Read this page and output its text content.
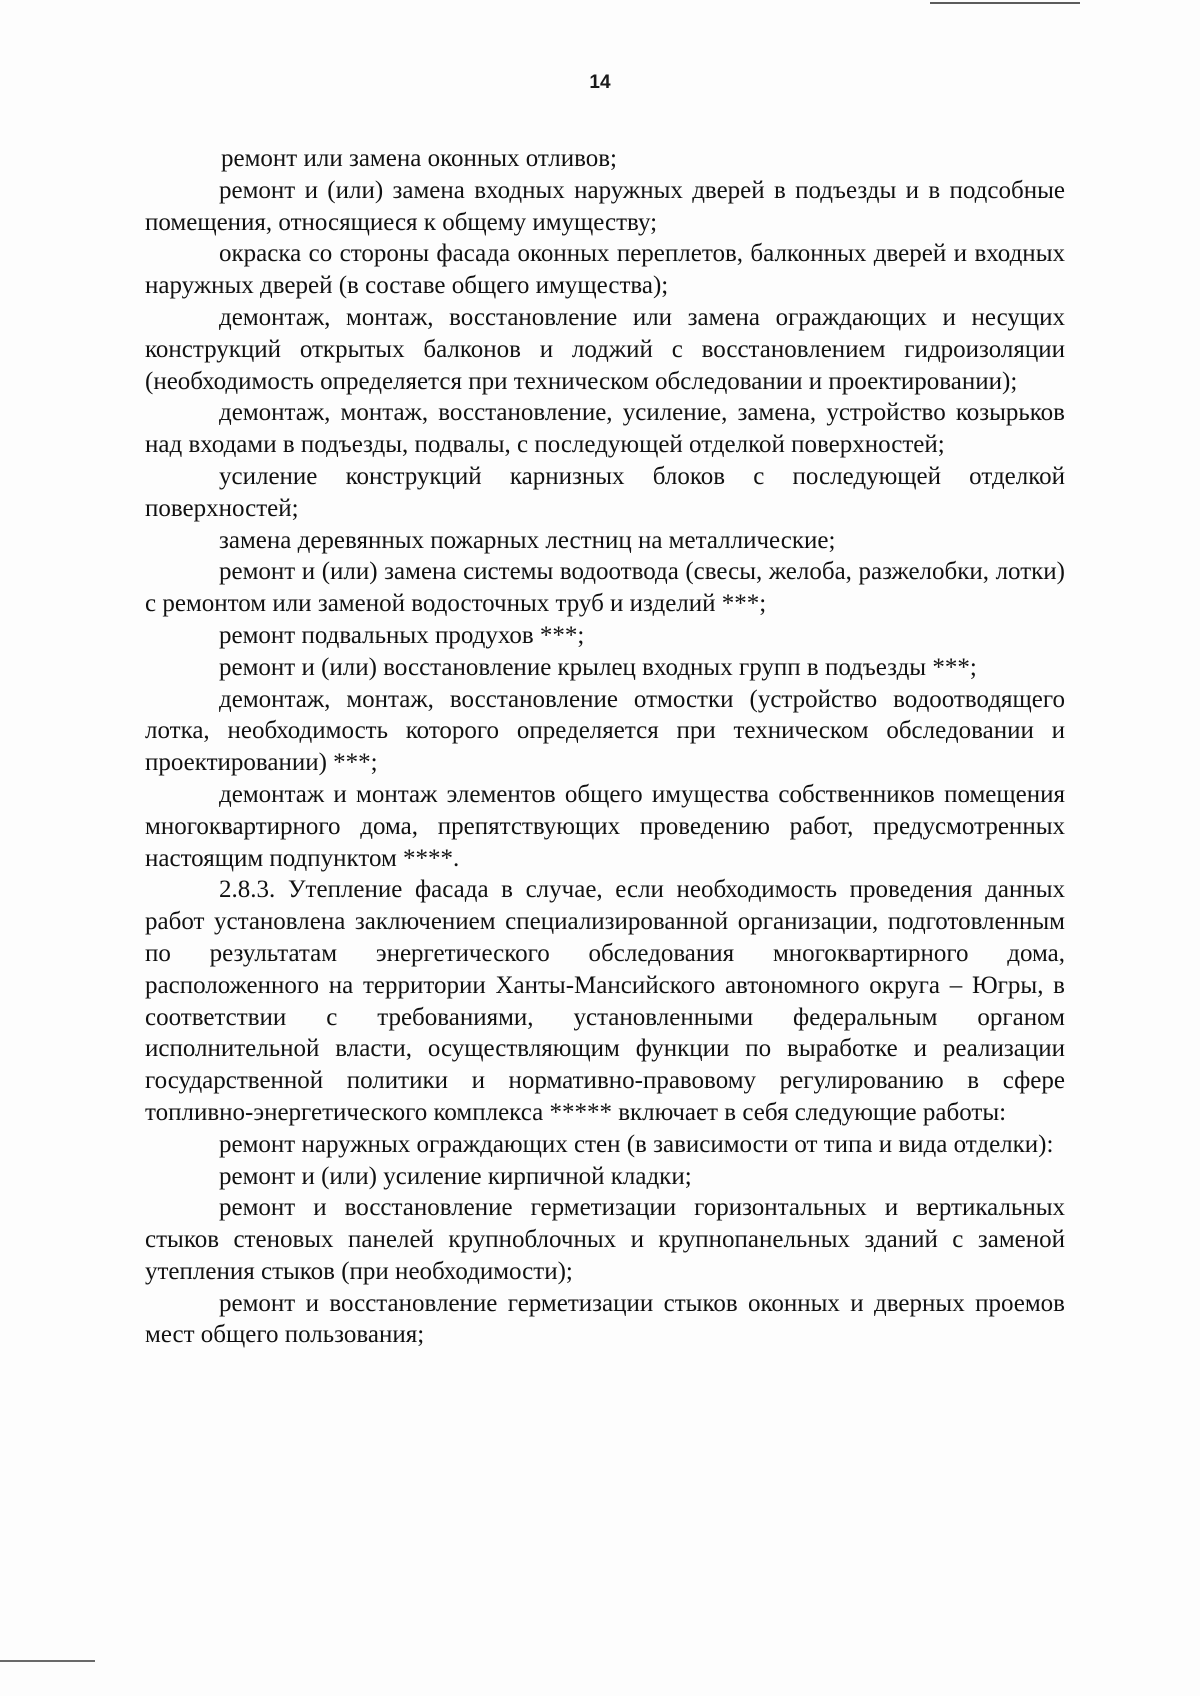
14

ремонт или замена оконных отливов;

ремонт и (или) замена входных наружных дверей в подъезды и в подсобные помещения, относящиеся к общему имуществу;

окраска со стороны фасада оконных переплетов, балконных дверей и входных наружных дверей (в составе общего имущества);

демонтаж, монтаж, восстановление или замена ограждающих и несущих конструкций открытых балконов и лоджий с восстановлением гидроизоляции (необходимость определяется при техническом обследовании и проектировании);

демонтаж, монтаж, восстановление, усиление, замена, устройство козырьков над входами в подъезды, подвалы, с последующей отделкой поверхностей;

усиление конструкций карнизных блоков с последующей отделкой поверхностей;

замена деревянных пожарных лестниц на металлические;

ремонт и (или) замена системы водоотвода (свесы, желоба, разжелобки, лотки) с ремонтом или заменой водосточных труб и изделий ***;

ремонт подвальных продухов ***;

ремонт и (или) восстановление крылец входных групп в подъезды ***;

демонтаж, монтаж, восстановление отмостки (устройство водоотводящего лотка, необходимость которого определяется при техническом обследовании и проектировании) ***;

демонтаж и монтаж элементов общего имущества собственников помещения многоквартирного дома, препятствующих проведению работ, предусмотренных настоящим подпунктом ****.

2.8.3. Утепление фасада в случае, если необходимость проведения данных работ установлена заключением специализированной организации, подготовленным по результатам энергетического обследования многоквартирного дома, расположенного на территории Ханты-Мансийского автономного округа – Югры, в соответствии с требованиями, установленными федеральным органом исполнительной власти, осуществляющим функции по выработке и реализации государственной политики и нормативно-правовому регулированию в сфере топливно-энергетического комплекса ***** включает в себя следующие работы:

ремонт наружных ограждающих стен (в зависимости от типа и вида отделки):

ремонт и (или) усиление кирпичной кладки;

ремонт и восстановление герметизации горизонтальных и вертикальных стыков стеновых панелей крупноблочных и крупнопанельных зданий с заменой утепления стыков (при необходимости);

ремонт и восстановление герметизации стыков оконных и дверных проемов мест общего пользования;
